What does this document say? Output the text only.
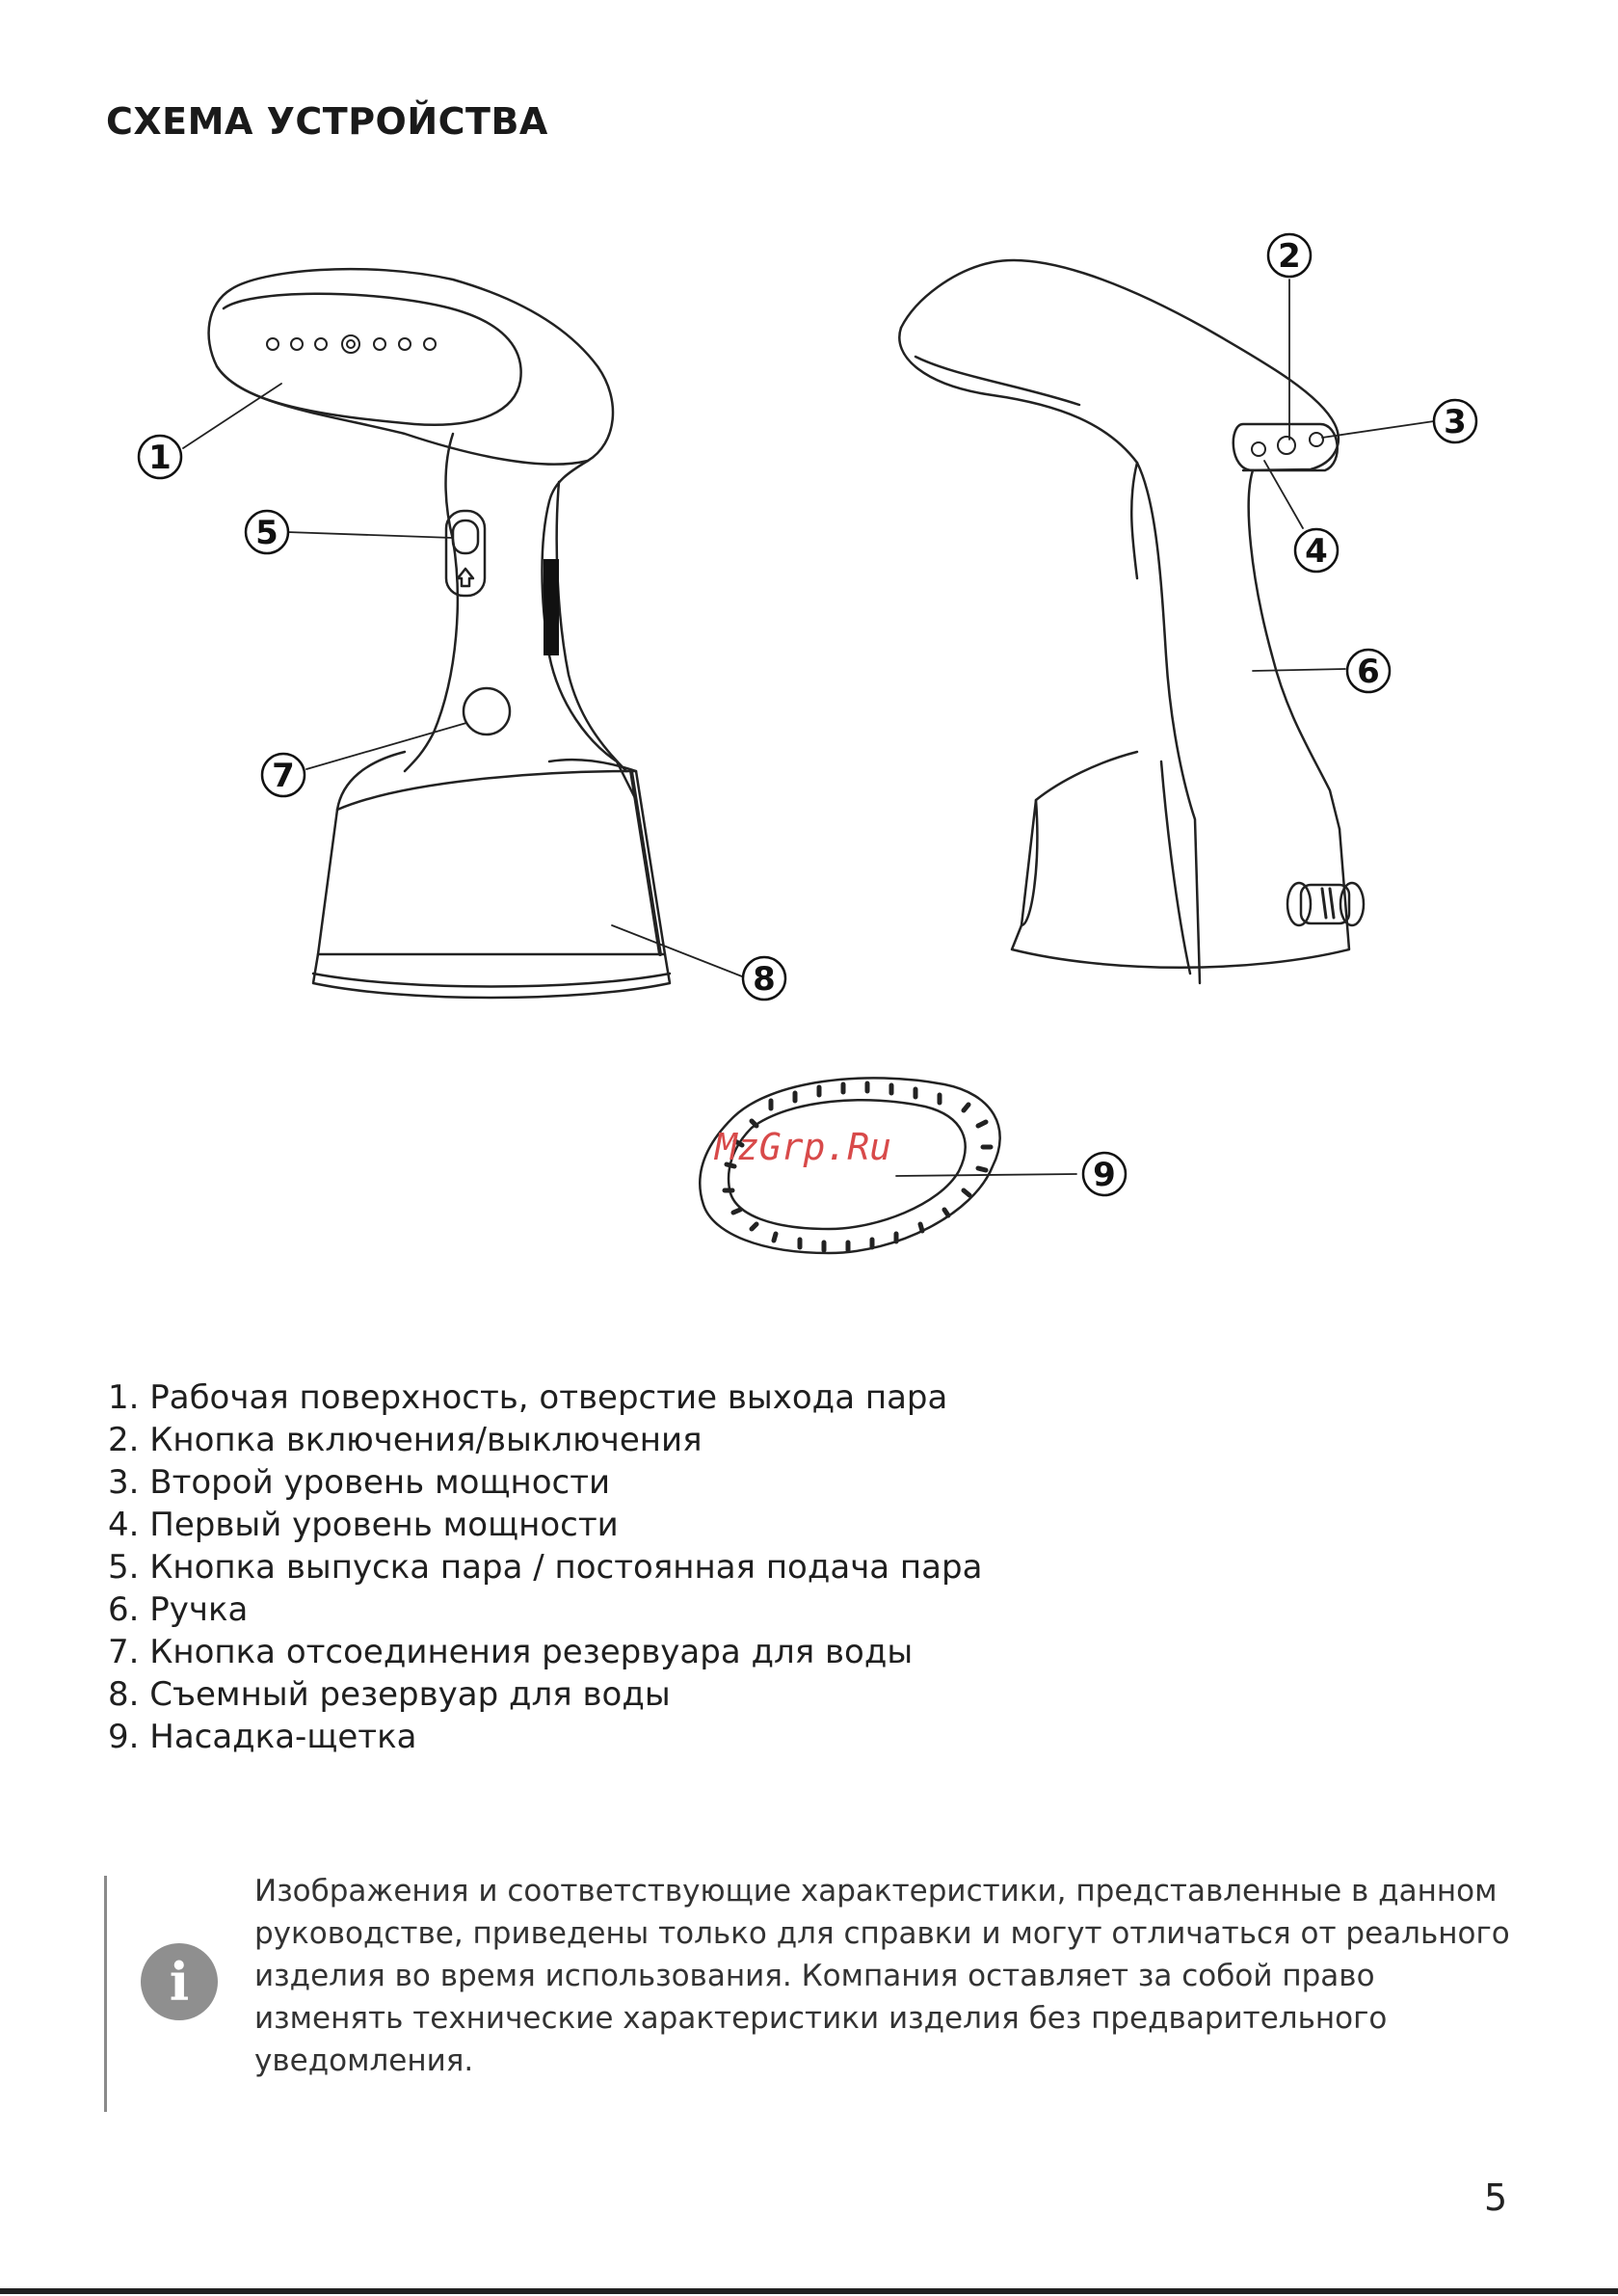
СХЕМА УСТРОЙСТВА
1
5
7
8
2
3
4
6
9
MzGrp.Ru
1. Рабочая поверхность, отверстие выхода пара
2. Кнопка включения/выключения
3. Второй уровень мощности
4. Первый уровень мощности
5. Кнопка выпуска пара / постоянная подача пара
6. Ручка
7. Кнопка отсоединения резервуара для воды
8. Съемный резервуар для воды
9. Насадка-щетка
i
Изображения и соответствующие характеристики, представленные в данном руководстве, приведены только для справки и могут отличаться от реального изделия во время использования. Компания оставляет за собой право изменять технические характеристики изделия без предварительного уведомления.
5
